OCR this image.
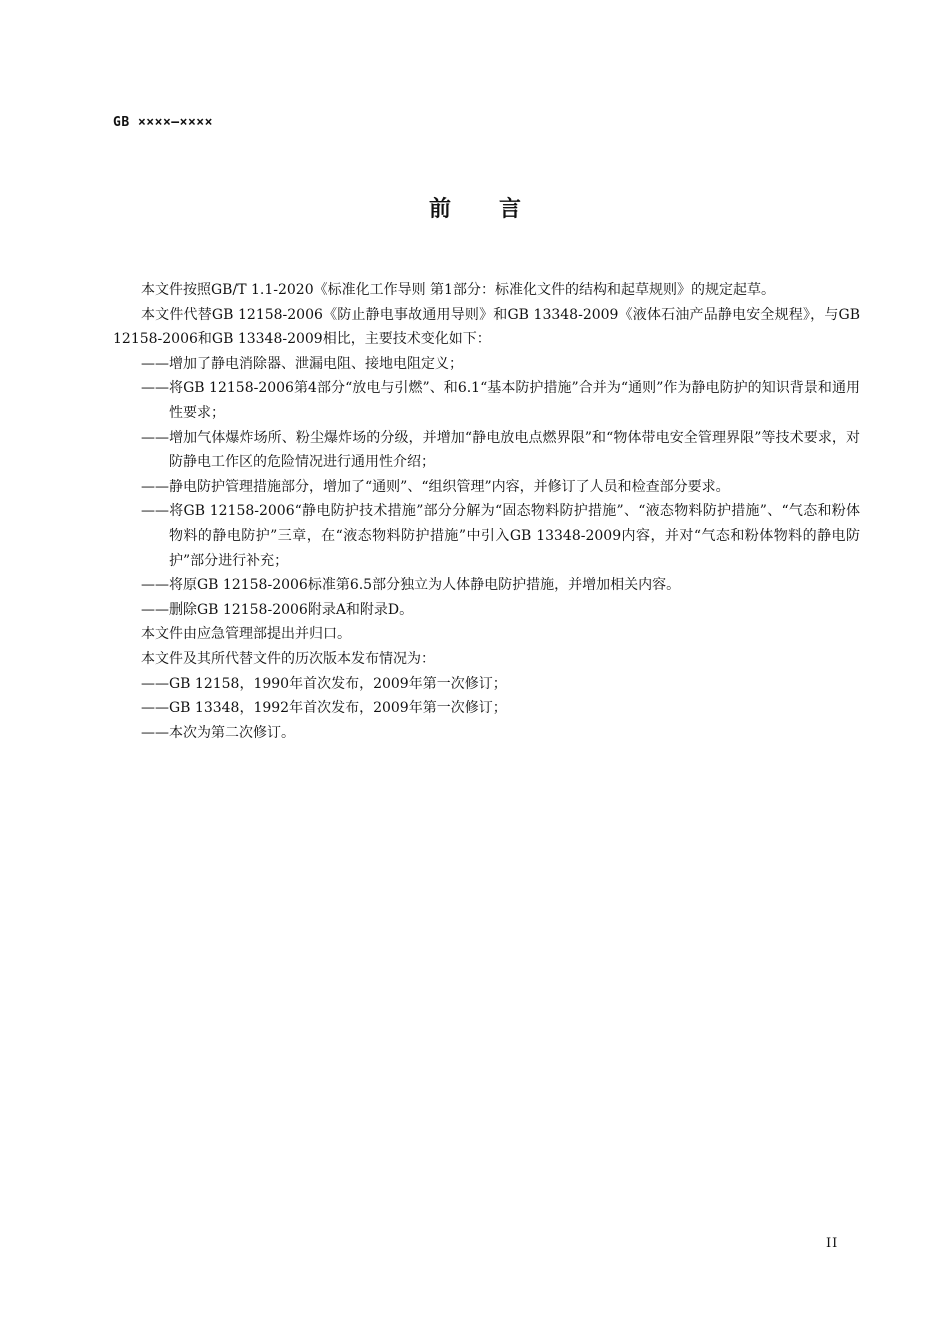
GB ××××—××××
前言

本文件按照GB/T 1.1-2020《标准化工作导则 第1部分：标准化文件的结构和起草规则》的规定起草。

本文件代替GB 12158-2006《防止静电事故通用导则》和GB 13348-2009《液体石油产品静电安全规程》，与GB 12158-2006和GB 13348-2009相比，主要技术变化如下：

——增加了静电消除器、泄漏电阻、接地电阻定义；

——将GB 12158-2006第4部分“放电与引燃”、和6.1“基本防护措施”合并为“通则”作为静电防护的知识背景和通用性要求；

——增加气体爆炸场所、粉尘爆炸场的分级，并增加“静电放电点燃界限”和“物体带电安全管理界限”等技术要求，对防静电工作区的危险情况进行通用性介绍；

——静电防护管理措施部分，增加了“通则”、“组织管理”内容，并修订了人员和检查部分要求。

——将GB 12158-2006“静电防护技术措施”部分分解为“固态物料防护措施”、“液态物料防护措施”、“气态和粉体物料的静电防护”三章，在“液态物料防护措施”中引入GB 13348-2009内容，并对“气态和粉体物料的静电防护”部分进行补充；

——将原GB 12158-2006标准第6.5部分独立为人体静电防护措施，并增加相关内容。

——删除GB 12158-2006附录A和附录D。

本文件由应急管理部提出并归口。

本文件及其所代替文件的历次版本发布情况为：

——GB 12158，1990年首次发布，2009年第一次修订；

——GB 13348，1992年首次发布，2009年第一次修订；

——本次为第二次修订。

II
